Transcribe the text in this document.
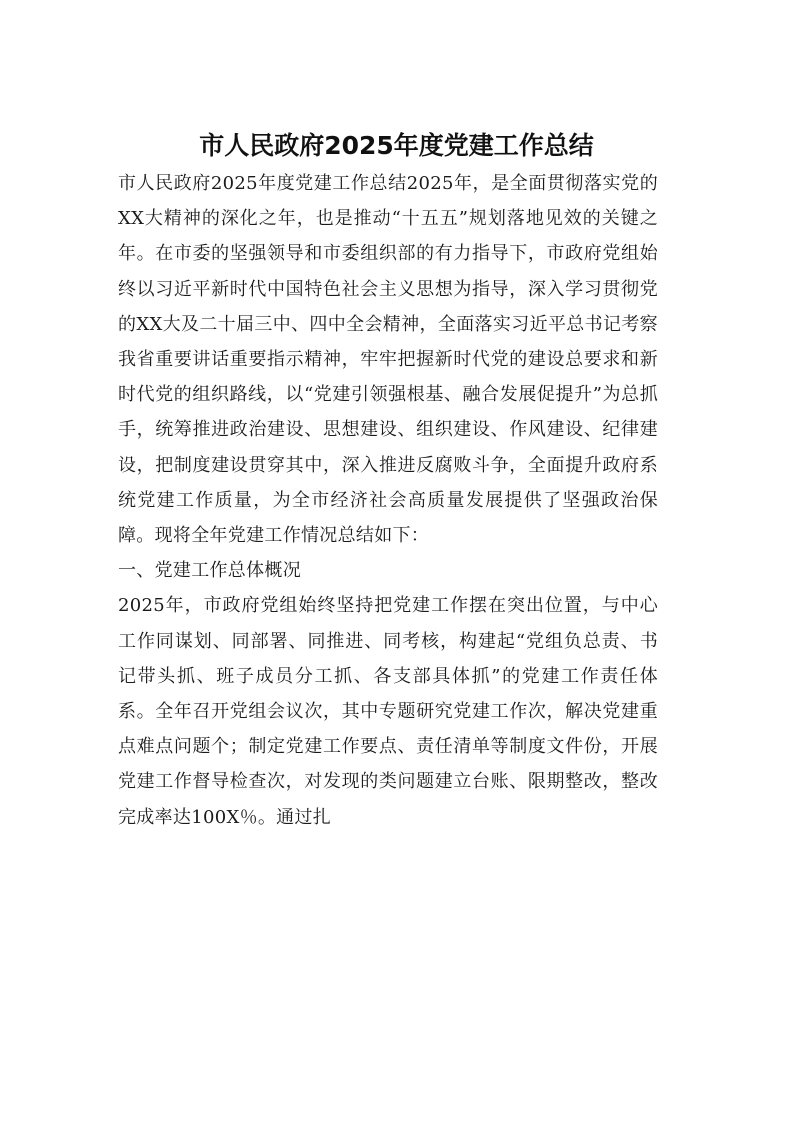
市人民政府2025年度党建工作总结

市人民政府2025年度党建工作总结2025年，是全面贯彻落实党的XX大精神的深化之年，也是推动“十五五”规划落地见效的关键之年。在市委的坚强领导和市委组织部的有力指导下，市政府党组始终以习近平新时代中国特色社会主义思想为指导，深入学习贯彻党的XX大及二十届三中、四中全会精神，全面落实习近平总书记考察我省重要讲话重要指示精神，牢牢把握新时代党的建设总要求和新时代党的组织路线，以“党建引领强根基、融合发展促提升”为总抓手，统筹推进政治建设、思想建设、组织建设、作风建设、纪律建设，把制度建设贯穿其中，深入推进反腐败斗争，全面提升政府系统党建工作质量，为全市经济社会高质量发展提供了坚强政治保障。现将全年党建工作情况总结如下：

一、党建工作总体概况

2025年，市政府党组始终坚持把党建工作摆在突出位置，与中心工作同谋划、同部署、同推进、同考核，构建起“党组负总责、书记带头抓、班子成员分工抓、各支部具体抓”的党建工作责任体系。全年召开党组会议次，其中专题研究党建工作次，解决党建重点难点问题个；制定党建工作要点、责任清单等制度文件份，开展党建工作督导检查次，对发现的类问题建立台账、限期整改，整改完成率达100X％。通过扎
